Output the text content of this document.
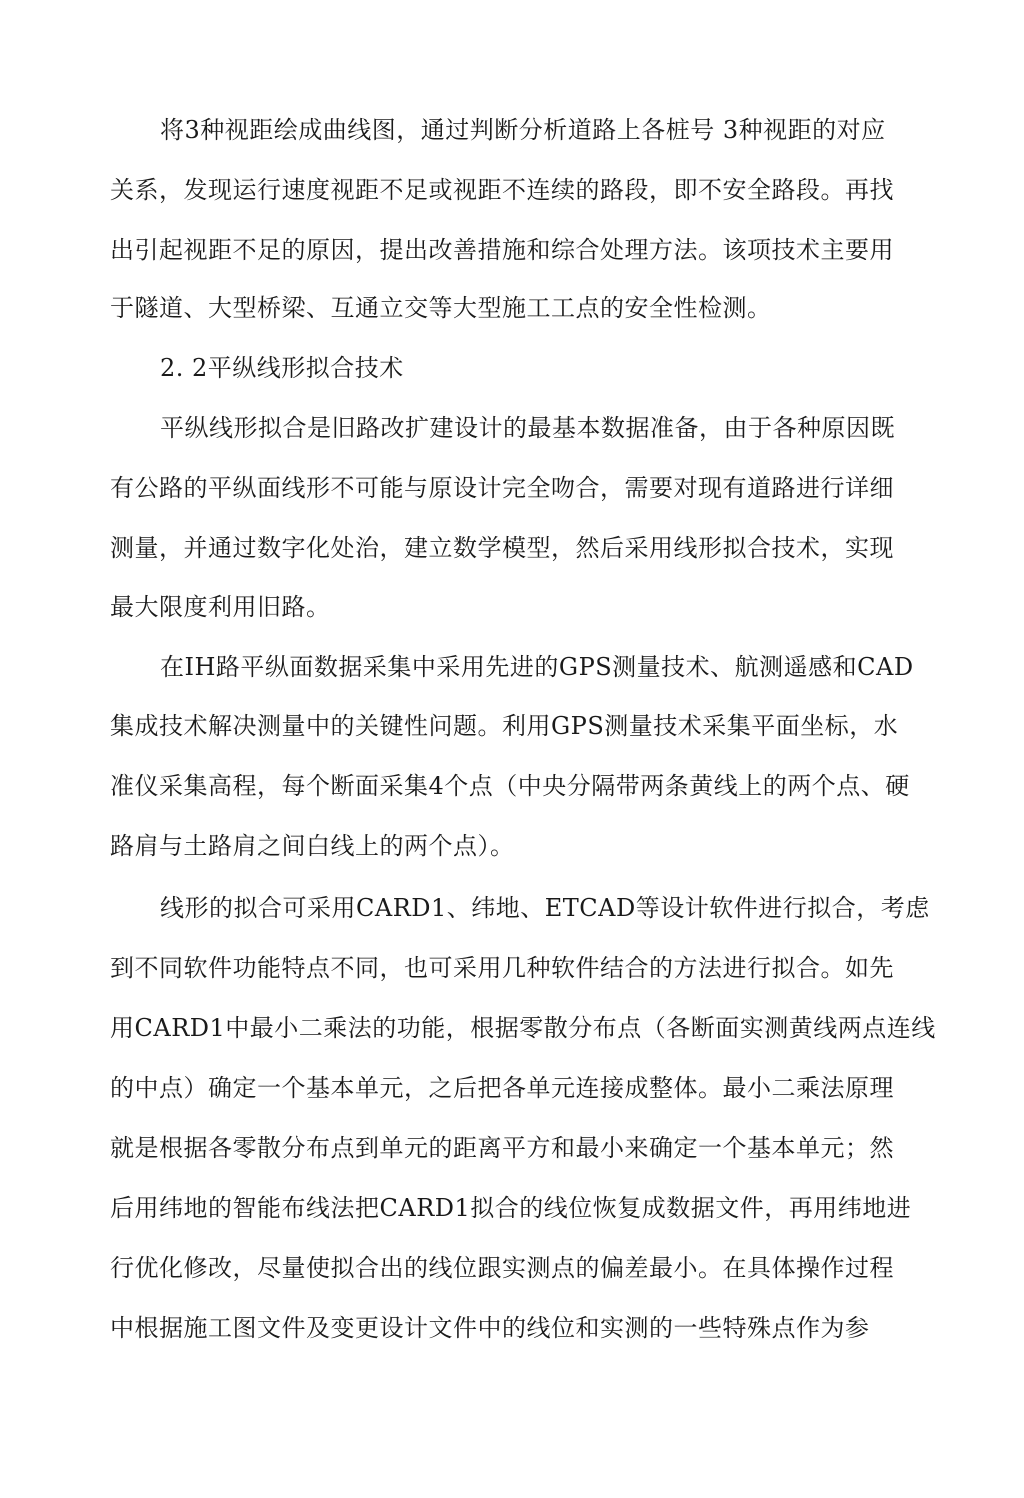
将3种视距绘成曲线图，通过判断分析道路上各桩号 3种视距的对应
关系，发现运行速度视距不足或视距不连续的路段，即不安全路段。再找
出引起视距不足的原因，提出改善措施和综合处理方法。该项技术主要用
于隧道、大型桥梁、互通立交等大型施工工点的安全性检测。
2. 2平纵线形拟合技术
平纵线形拟合是旧路改扩建设计的最基本数据准备，由于各种原因既
有公路的平纵面线形不可能与原设计完全吻合，需要对现有道路进行详细
测量，并通过数字化处治，建立数学模型，然后采用线形拟合技术，实现
最大限度利用旧路。
在IH路平纵面数据采集中采用先进的GPS测量技术、航测遥感和CAD
集成技术解决测量中的关键性问题。利用GPS测量技术采集平面坐标，水
准仪采集高程，每个断面采集4个点（中央分隔带两条黄线上的两个点、硬
路肩与土路肩之间白线上的两个点）。
线形的拟合可采用CARD1、纬地、ETCAD等设计软件进行拟合，考虑
到不同软件功能特点不同，也可采用几种软件结合的方法进行拟合。如先
用CARD1中最小二乘法的功能，根据零散分布点（各断面实测黄线两点连线
的中点）确定一个基本单元，之后把各单元连接成整体。最小二乘法原理
就是根据各零散分布点到单元的距离平方和最小来确定一个基本单元；然
后用纬地的智能布线法把CARD1拟合的线位恢复成数据文件，再用纬地进
行优化修改，尽量使拟合出的线位跟实测点的偏差最小。在具体操作过程
中根据施工图文件及变更设计文件中的线位和实测的一些特殊点作为参
